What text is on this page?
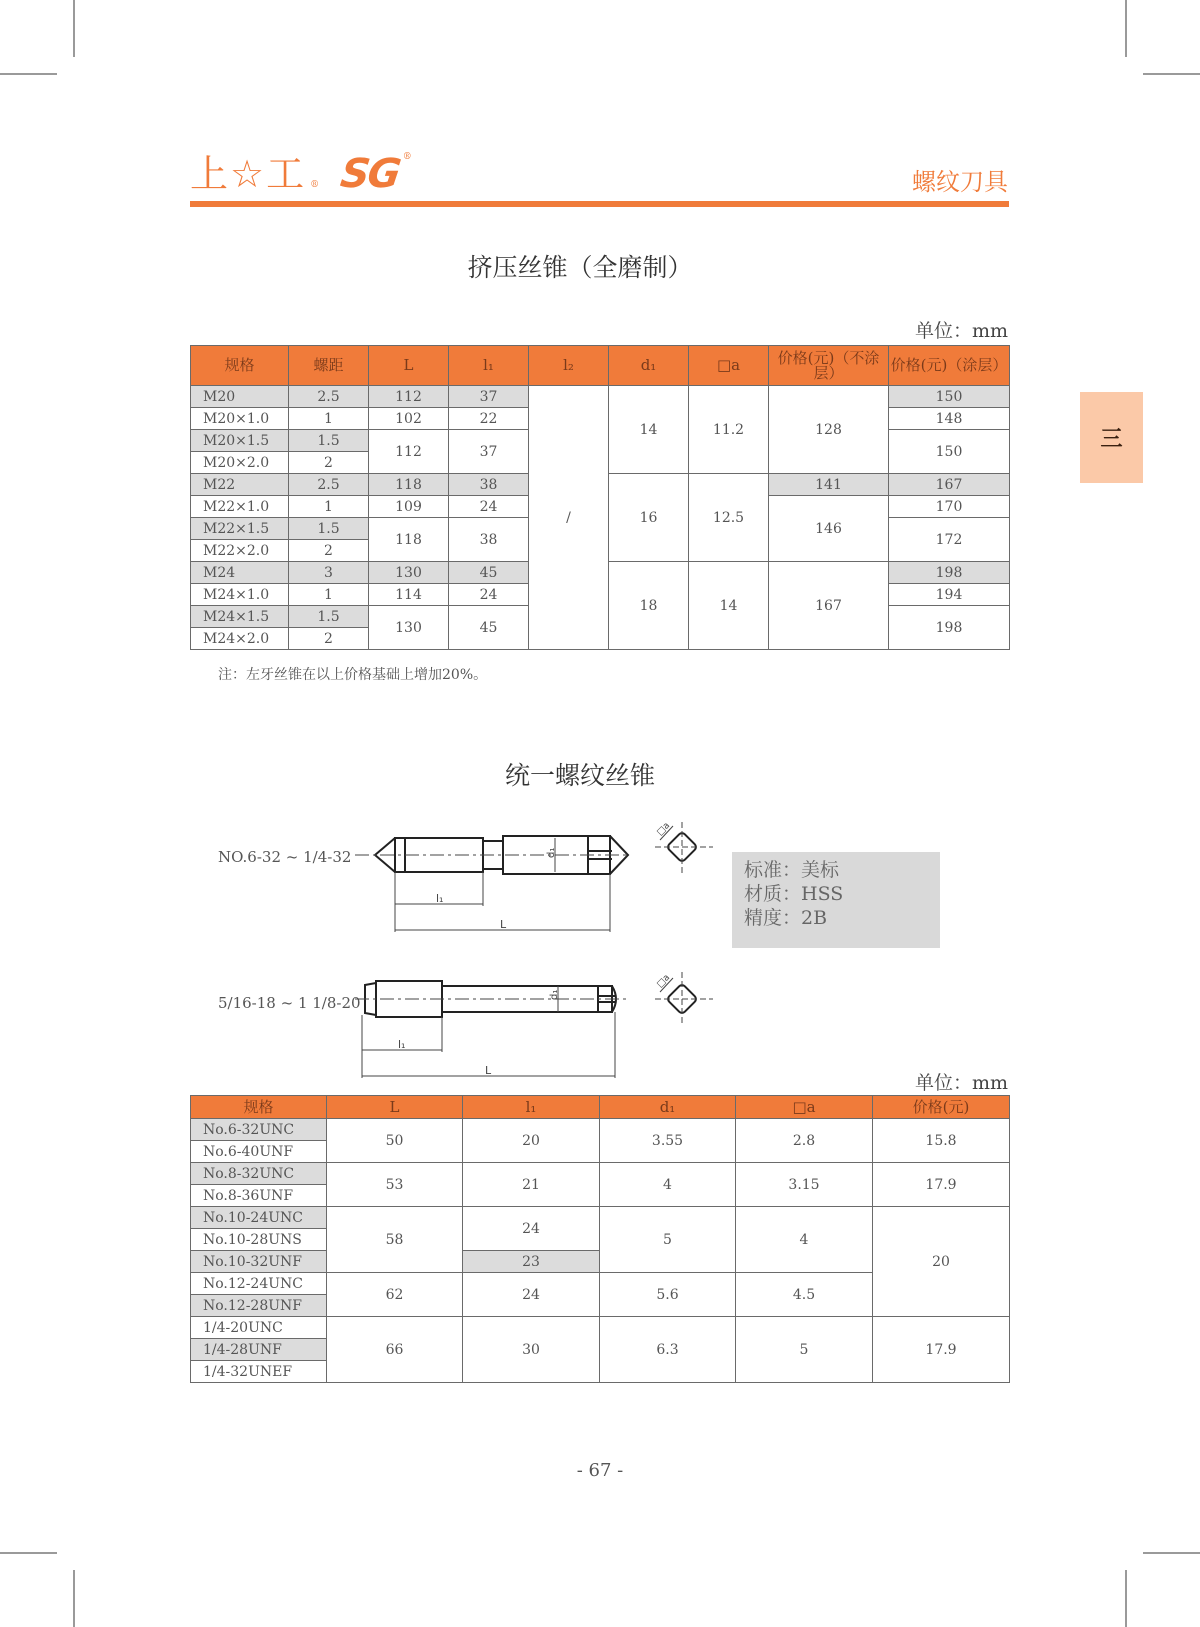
上☆工 ® SG ®
螺纹刀具
三
挤压丝锥（全磨制）
单位：mm
规格	螺距	L	l₁	l₂	d₁	□a	价格(元)（不涂层）	价格(元)（涂层）
M20	2.5	112	37	/	14	11.2	128	150
M20×1.0	1	102	22					148
M20×1.5	1.5	112	37					150
M20×2.0	2							
M22	2.5	118	38		16	12.5	141	167
M22×1.0	1	109	24				146	170
M22×1.5	1.5	118	38					172
M22×2.0	2							
M24	3	130	45		18	14	167	198
M24×1.0	1	114	24					194
M24×1.5	1.5	130	45					198
M24×2.0	2							
注：左牙丝锥在以上价格基础上增加20%。
统一螺纹丝锥
NO.6-32 ~ 1/4-32
l₁
L
d₁
□a
标准：美标
材质：HSS
精度：2B
5/16-18 ~ 1 1/8-20
l₁
L
d₁
□a
单位：mm
规格	L	l₁	d₁	□a	价格(元)
No.6-32UNC	50	20	3.55	2.8	15.8
No.6-40UNF					
No.8-32UNC	53	21	4	3.15	17.9
No.8-36UNF					
No.10-24UNC	58	24	5	4	20
No.10-28UNS					
No.10-32UNF		23			
No.12-24UNC	62	24	5.6	4.5	
No.12-28UNF					
1/4-20UNC	66	30	6.3	5	17.9
1/4-28UNF					
1/4-32UNEF					
- 67 -
